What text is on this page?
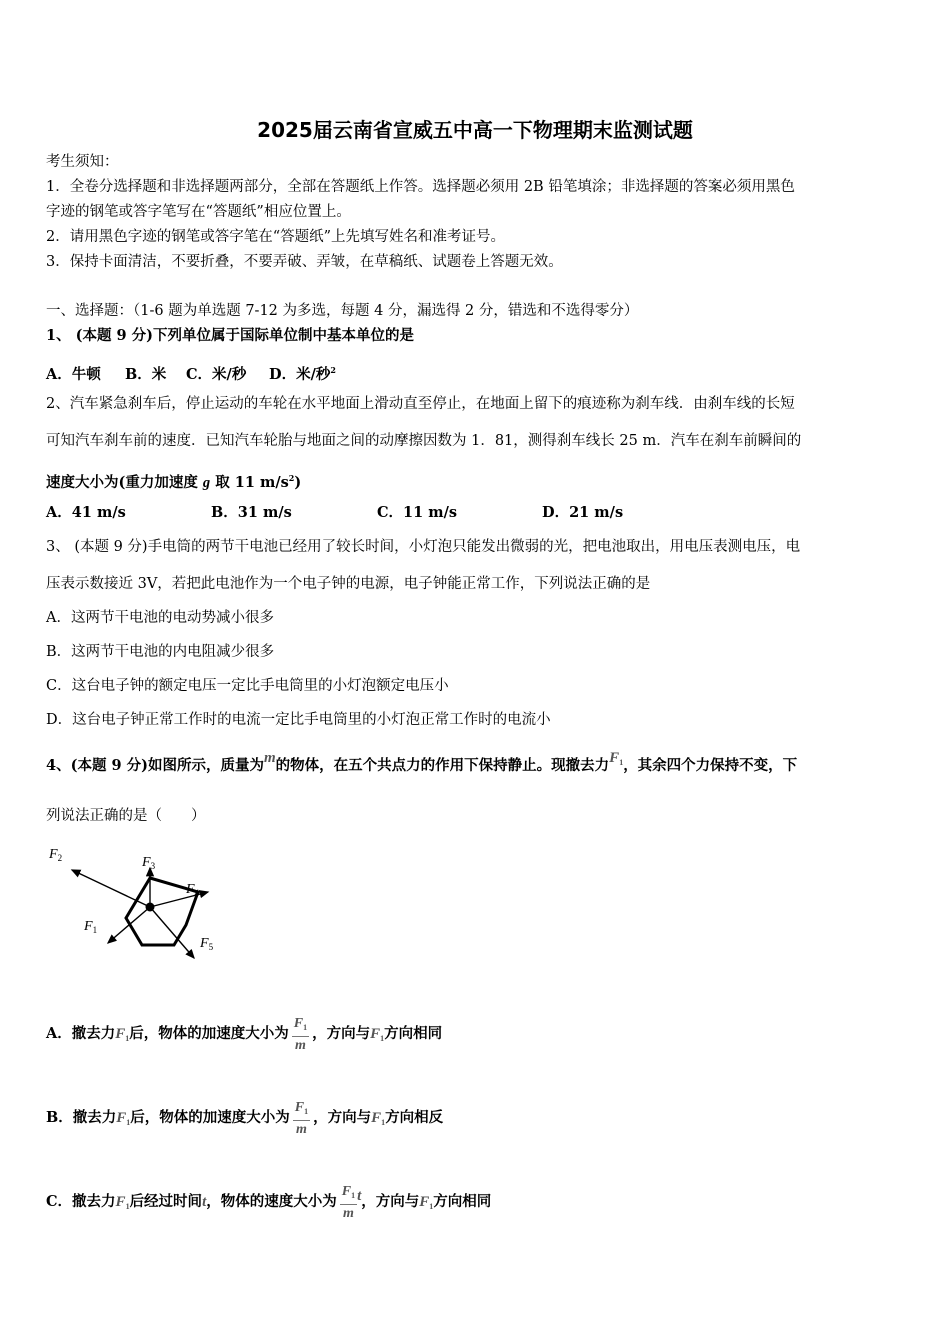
2025届云南省宣威五中高一下物理期末监测试题
考生须知：
1．全卷分选择题和非选择题两部分，全部在答题纸上作答。选择题必须用 2B 铅笔填涂；非选择题的答案必须用黑色
字迹的钢笔或答字笔写在“答题纸”相应位置上。
2．请用黑色字迹的钢笔或答字笔在“答题纸”上先填写姓名和准考证号。
3．保持卡面清洁，不要折叠，不要弄破、弄皱，在草稿纸、试题卷上答题无效。
一、选择题：（1-6 题为单选题 7-12 为多选，每题 4 分，漏选得 2 分，错选和不选得零分）
1、 (本题 9 分)下列单位属于国际单位制中基本单位的是
A．牛顿 B．米 C．米/秒 D．米/秒$^2$
2、汽车紧急刹车后，停止运动的车轮在水平地面上滑动直至停止，在地面上留下的痕迹称为刹车线．由刹车线的长短
可知汽车刹车前的速度．已知汽车轮胎与地面之间的动摩擦因数为 1．81，测得刹车线长 25 m．汽车在刹车前瞬间的
速度大小为(重力加速度 g 取 11 $m/s^2$)
A．41 m/s	B．31 m/s	C．11 m/s	D．21 m/s
3、 (本题 9 分)手电筒的两节干电池已经用了较长时间，小灯泡只能发出微弱的光，把电池取出，用电压表测电压，电
压表示数接近 3V，若把此电池作为一个电子钟的电源，电子钟能正常工作，下列说法正确的是
A．这两节干电池的电动势减小很多
B．这两节干电池的内电阻减少很多
C．这台电子钟的额定电压一定比手电筒里的小灯泡额定电压小
D．这台电子钟正常工作时的电流一定比手电筒里的小灯泡正常工作时的电流小
4、(本题 9 分)如图所示，质量为m的物体，在五个共点力的作用下保持静止。现撤去力$F_1$，其余四个力保持不变，下
列说法正确的是（　　）
$F_2$	$F_3$
$F_4$
$F_1$
$F_5$
A．撤去力$F_1$后，物体的加速度大小为 $\frac{F_1}{m}$ ，方向与$F_1$方向相同
B．撤去力$F_1$后，物体的加速度大小为 $\frac{F_1}{m}$ ，方向与$F_1$方向相反
C．撤去力$F_1$后经过时间t，物体的速度大小为 $\frac{F_1}{m}$ t，方向与$F_1$方向相同
